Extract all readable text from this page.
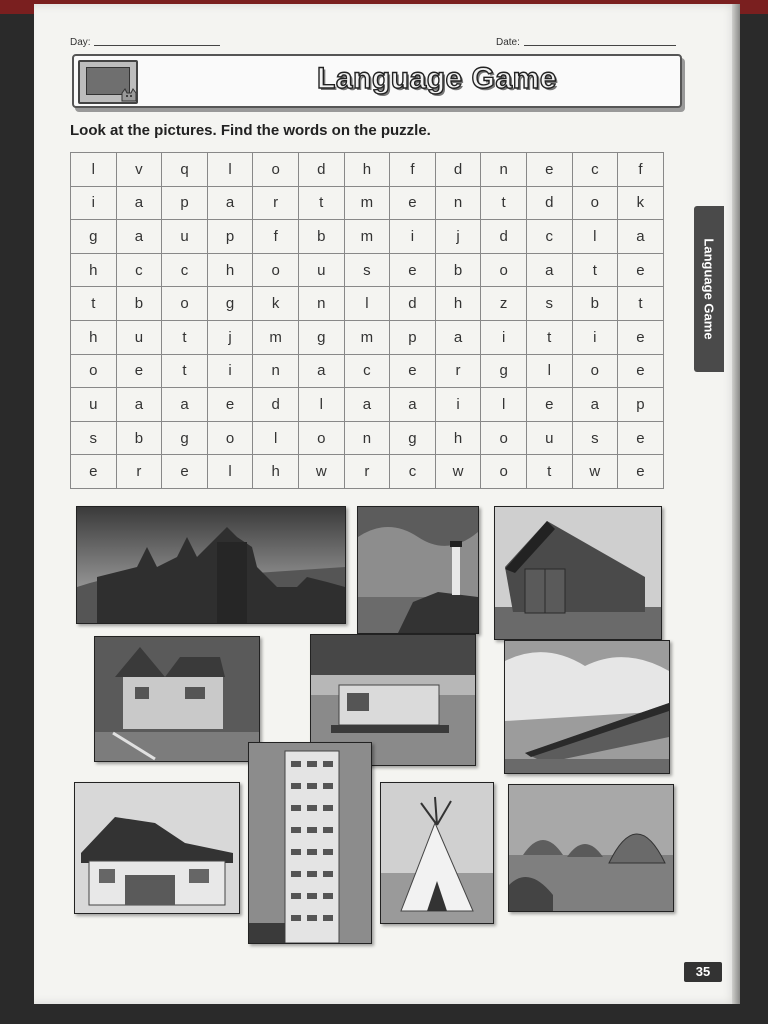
Day:	Date:
Language Game
Look at the pictures. Find the words on the puzzle.
l	v	q	l	o	d	h	f	d	n	e	c	f
i	a	p	a	r	t	m	e	n	t	d	o	k
g	a	u	p	f	b	m	i	j	d	c	l	a
h	c	c	h	o	u	s	e	b	o	a	t	e
t	b	o	g	k	n	l	d	h	z	s	b	t
h	u	t	j	m	g	m	p	a	i	t	i	e
o	e	t	i	n	a	c	e	r	g	l	o	e
u	a	a	e	d	l	a	a	i	l	e	a	p
s	b	g	o	l	o	n	g	h	o	u	s	e
e	r	e	l	h	w	r	c	w	o	t	w	e
Language Game
35
